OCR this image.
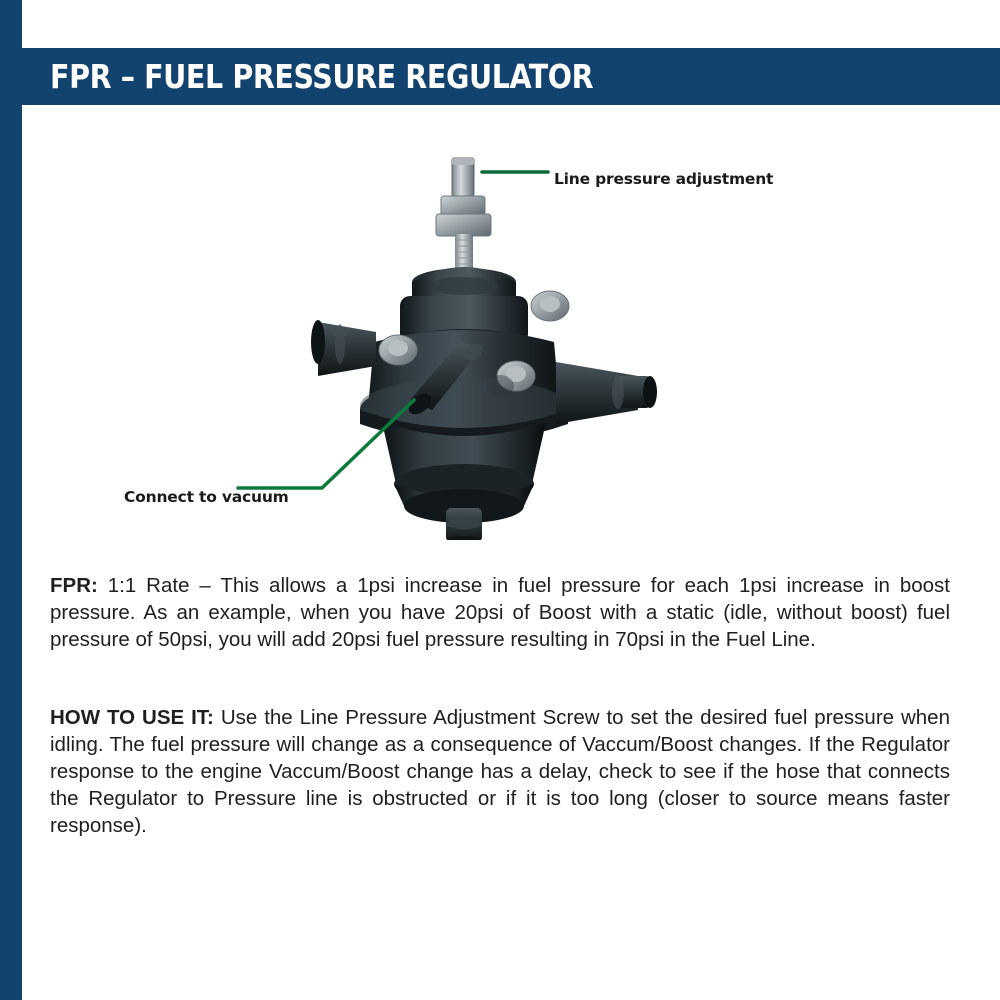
FPR – FUEL PRESSURE REGULATOR
Line pressure adjustment
Connect to vacuum
FPR: 1:1 Rate – This allows a 1psi increase in fuel pressure for each 1psi increase in boost pressure. As an example, when you have 20psi of Boost with a static (idle, without boost) fuel pressure of 50psi, you will add 20psi fuel pressure resulting in 70psi in the Fuel Line.
HOW TO USE IT: Use the Line Pressure Adjustment Screw to set the desired fuel pressure when idling. The fuel pressure will change as a consequence of Vaccum/Boost changes. If the Regulator response to the engine Vaccum/Boost change has a delay, check to see if the hose that connects the Regulator to Pressure line is obstructed or if it is too long (closer to source means faster response).
